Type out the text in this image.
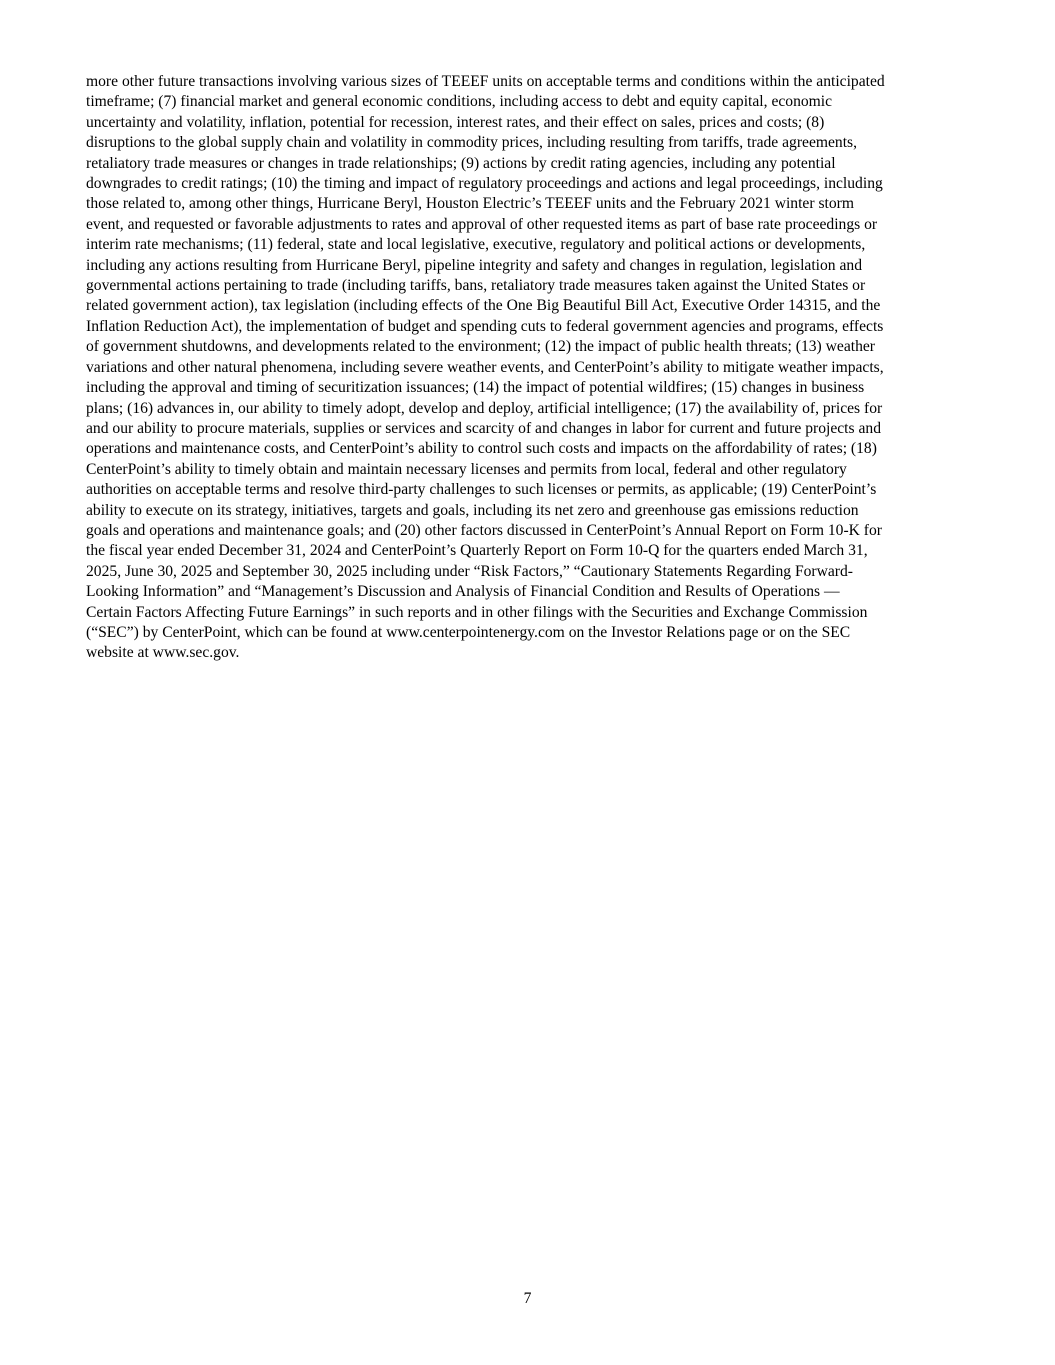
more other future transactions involving various sizes of TEEEF units on acceptable terms and conditions within the anticipated
timeframe; (7) financial market and general economic conditions, including access to debt and equity capital, economic
uncertainty and volatility, inflation, potential for recession, interest rates, and their effect on sales, prices and costs; (8)
disruptions to the global supply chain and volatility in commodity prices, including resulting from tariffs, trade agreements,
retaliatory trade measures or changes in trade relationships; (9) actions by credit rating agencies, including any potential
downgrades to credit ratings; (10) the timing and impact of regulatory proceedings and actions and legal proceedings, including
those related to, among other things, Hurricane Beryl, Houston Electric’s TEEEF units and the February 2021 winter storm
event, and requested or favorable adjustments to rates and approval of other requested items as part of base rate proceedings or
interim rate mechanisms; (11) federal, state and local legislative, executive, regulatory and political actions or developments,
including any actions resulting from Hurricane Beryl, pipeline integrity and safety and changes in regulation, legislation and
governmental actions pertaining to trade (including tariffs, bans, retaliatory trade measures taken against the United States or
related government action), tax legislation (including effects of the One Big Beautiful Bill Act, Executive Order 14315, and the
Inflation Reduction Act), the implementation of budget and spending cuts to federal government agencies and programs, effects
of government shutdowns, and developments related to the environment; (12) the impact of public health threats; (13) weather
variations and other natural phenomena, including severe weather events, and CenterPoint’s ability to mitigate weather impacts,
including the approval and timing of securitization issuances; (14) the impact of potential wildfires; (15) changes in business
plans; (16) advances in, our ability to timely adopt, develop and deploy, artificial intelligence; (17) the availability of, prices for
and our ability to procure materials, supplies or services and scarcity of and changes in labor for current and future projects and
operations and maintenance costs, and CenterPoint’s ability to control such costs and impacts on the affordability of rates; (18)
CenterPoint’s ability to timely obtain and maintain necessary licenses and permits from local, federal and other regulatory
authorities on acceptable terms and resolve third-party challenges to such licenses or permits, as applicable; (19) CenterPoint’s
ability to execute on its strategy, initiatives, targets and goals, including its net zero and greenhouse gas emissions reduction
goals and operations and maintenance goals; and (20) other factors discussed in CenterPoint’s Annual Report on Form 10-K for
the fiscal year ended December 31, 2024 and CenterPoint’s Quarterly Report on Form 10-Q for the quarters ended March 31,
2025, June 30, 2025 and September 30, 2025 including under “Risk Factors,” “Cautionary Statements Regarding Forward-
Looking Information” and “Management’s Discussion and Analysis of Financial Condition and Results of Operations —
Certain Factors Affecting Future Earnings” in such reports and in other filings with the Securities and Exchange Commission
(“SEC”) by CenterPoint, which can be found at www.centerpointenergy.com on the Investor Relations page or on the SEC
website at www.sec.gov.
7
